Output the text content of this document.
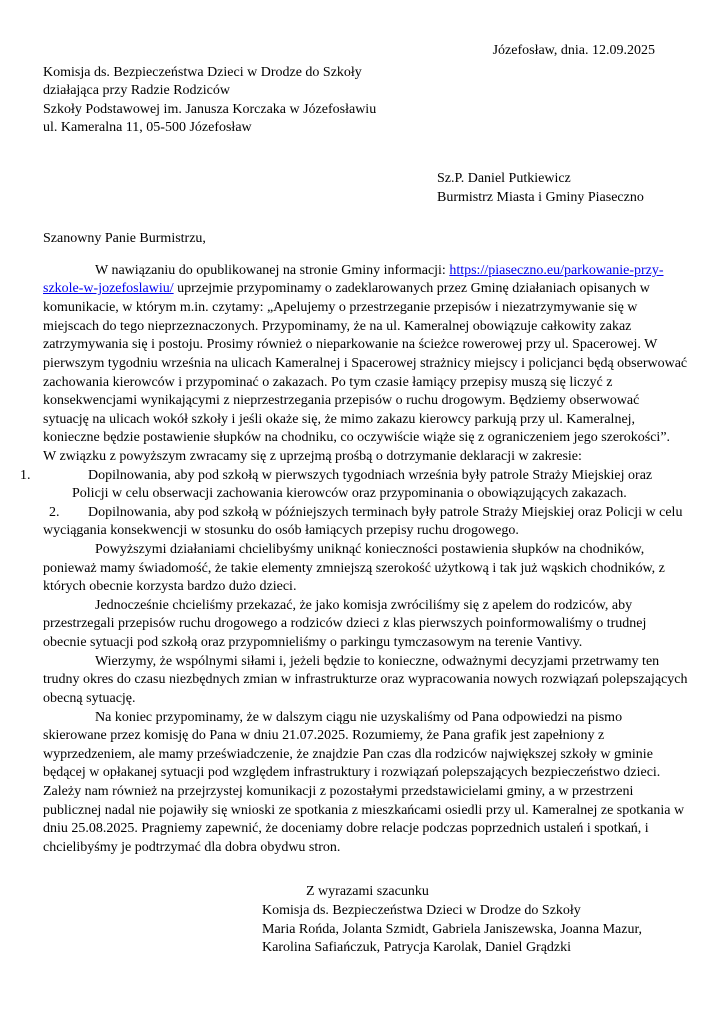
Józefosław, dnia. 12.09.2025
Komisja ds. Bezpieczeństwa Dzieci w Drodze do Szkoły
działająca przy Radzie Rodziców
Szkoły Podstawowej im. Janusza Korczaka w Józefosławiu
ul. Kameralna 11, 05-500 Józefosław
Sz.P. Daniel Putkiewicz
Burmistrz Miasta i Gminy Piaseczno
Szanowny Panie Burmistrzu,

W nawiązaniu do opublikowanej na stronie Gminy informacji: https://piaseczno.eu/parkowanie-przy-szkole-w-jozefoslawiu/ uprzejmie przypominamy o zadeklarowanych przez Gminę działaniach opisanych w komunikacie, w którym m.in. czytamy: „Apelujemy o przestrzeganie przepisów i niezatrzymywanie się w miejscach do tego nieprzeznaczonych. Przypominamy, że na ul. Kameralnej obowiązuje całkowity zakaz zatrzymywania się i postoju. Prosimy również o nieparkowanie na ścieżce rowerowej przy ul. Spacerowej. W pierwszym tygodniu września na ulicach Kameralnej i Spacerowej strażnicy miejscy i policjanci będą obserwować zachowania kierowców i przypominać o zakazach. Po tym czasie łamiący przepisy muszą się liczyć z konsekwencjami wynikającymi z nieprzestrzegania przepisów o ruchu drogowym. Będziemy obserwować sytuację na ulicach wokół szkoły i jeśli okaże się, że mimo zakazu kierowcy parkują przy ul. Kameralnej, konieczne będzie postawienie słupków na chodniku, co oczywiście wiąże się z ograniczeniem jego szerokości”.

W związku z powyższym zwracamy się z uprzejmą prośbą o dotrzymanie deklaracji w zakresie:

1.	Dopilnowania, aby pod szkołą w pierwszych tygodniach września były patrole Straży Miejskiej oraz Policji w celu obserwacji zachowania kierowców oraz przypominania o obowiązujących zakazach.

2. Dopilnowania, aby pod szkołą w późniejszych terminach były patrole Straży Miejskiej oraz Policji w celu wyciągania konsekwencji w stosunku do osób łamiących przepisy ruchu drogowego.

Powyższymi działaniami chcielibyśmy uniknąć konieczności postawienia słupków na chodników, ponieważ mamy świadomość, że takie elementy zmniejszą szerokość użytkową i tak już wąskich chodników, z których obecnie korzysta bardzo dużo dzieci.

Jednocześnie chcieliśmy przekazać, że jako komisja zwróciliśmy się z apelem do rodziców, aby przestrzegali przepisów ruchu drogowego a rodziców dzieci z klas pierwszych poinformowaliśmy o trudnej obecnie sytuacji pod szkołą oraz przypomnieliśmy o parkingu tymczasowym na terenie Vantivy.

Wierzymy, że wspólnymi siłami i, jeżeli będzie to konieczne, odważnymi decyzjami przetrwamy ten trudny okres do czasu niezbędnych zmian w infrastrukturze oraz wypracowania nowych rozwiązań polepszających obecną sytuację.

Na koniec przypominamy, że w dalszym ciągu nie uzyskaliśmy od Pana odpowiedzi na pismo skierowane przez komisję do Pana w dniu 21.07.2025. Rozumiemy, że Pana grafik jest zapełniony z wyprzedzeniem, ale mamy przeświadczenie, że znajdzie Pan czas dla rodziców największej szkoły w gminie będącej w opłakanej sytuacji pod względem infrastruktury i rozwiązań polepszających bezpieczeństwo dzieci. Zależy nam również na przejrzystej komunikacji z pozostałymi przedstawicielami gminy, a w przestrzeni publicznej nadal nie pojawiły się wnioski ze spotkania z mieszkańcami osiedli przy ul. Kameralnej ze spotkania w dniu 25.08.2025. Pragniemy zapewnić, że doceniamy dobre relacje podczas poprzednich ustaleń i spotkań, i chcielibyśmy je podtrzymać dla dobra obydwu stron.

Z wyrazami szacunku
Komisja ds. Bezpieczeństwa Dzieci w Drodze do Szkoły
Maria Rońda, Jolanta Szmidt, Gabriela Janiszewska, Joanna Mazur,
Karolina Safiańczuk, Patrycja Karolak, Daniel Grądzki
